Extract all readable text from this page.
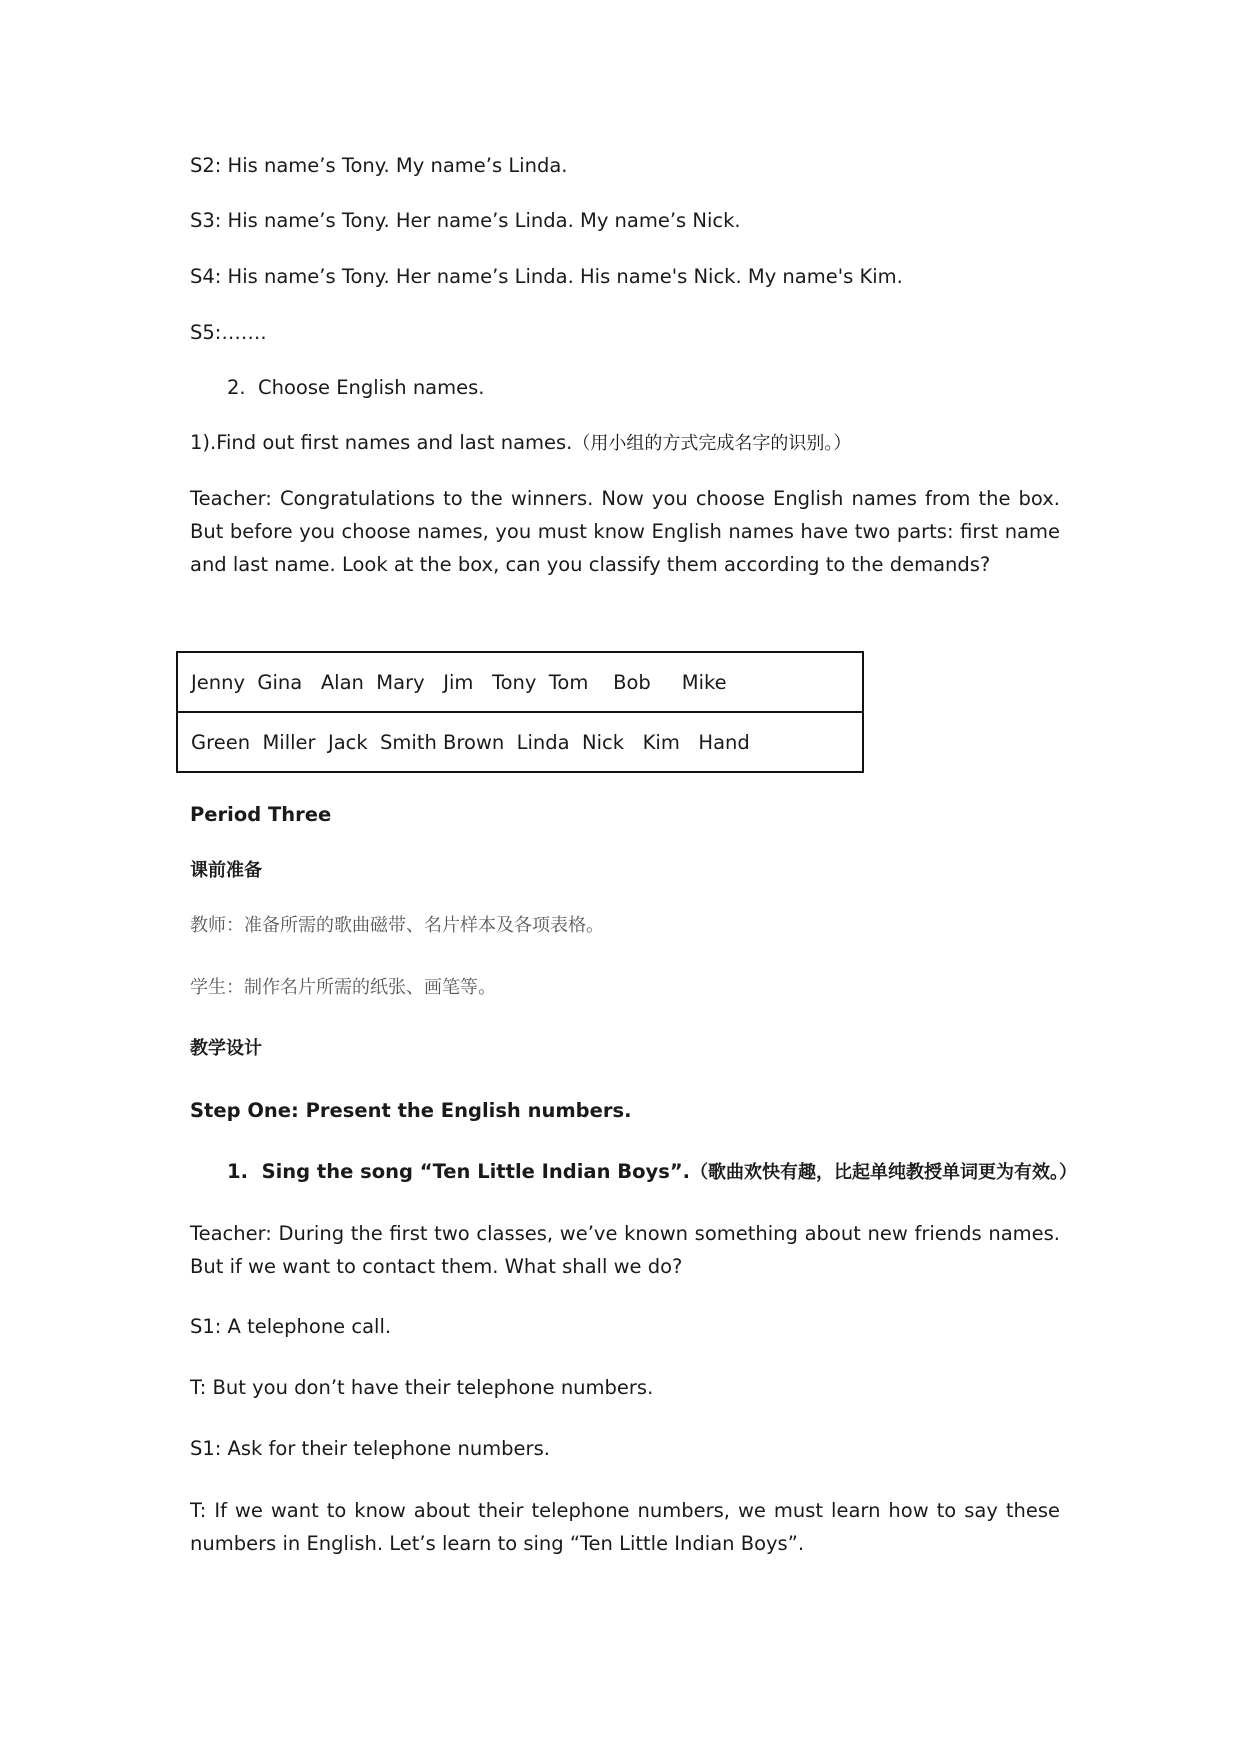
S2: His name’s Tony. My name’s Linda.
S3: His name’s Tony. Her name’s Linda. My name’s Nick.
S4: His name’s Tony. Her name’s Linda. His name's Nick. My name's Kim.
S5:…….
2. Choose English names.
1).Find out first names and last names.（用小组的方式完成名字的识别。）
Teacher: Congratulations to the winners. Now you choose English names from the box. But before you choose names, you must know English names have two parts: first name and last name. Look at the box, can you classify them according to the demands?
Jenny  Gina   Alan  Mary   Jim   Tony  Tom    Bob     Mike
Green  Miller  Jack  Smith Brown  Linda  Nick   Kim   Hand
Period Three
课前准备
教师：准备所需的歌曲磁带、名片样本及各项表格。
学生：制作名片所需的纸张、画笔等。
教学设计
Step One: Present the English numbers.
1. Sing the song “Ten Little Indian Boys”.（歌曲欢快有趣，比起单纯教授单词更为有效。）
Teacher: During the first two classes, we’ve known something about new friends names. But if we want to contact them. What shall we do?
S1: A telephone call.
T: But you don’t have their telephone numbers.
S1: Ask for their telephone numbers.
T: If we want to know about their telephone numbers, we must learn how to say these numbers in English. Let’s learn to sing “Ten Little Indian Boys”.
